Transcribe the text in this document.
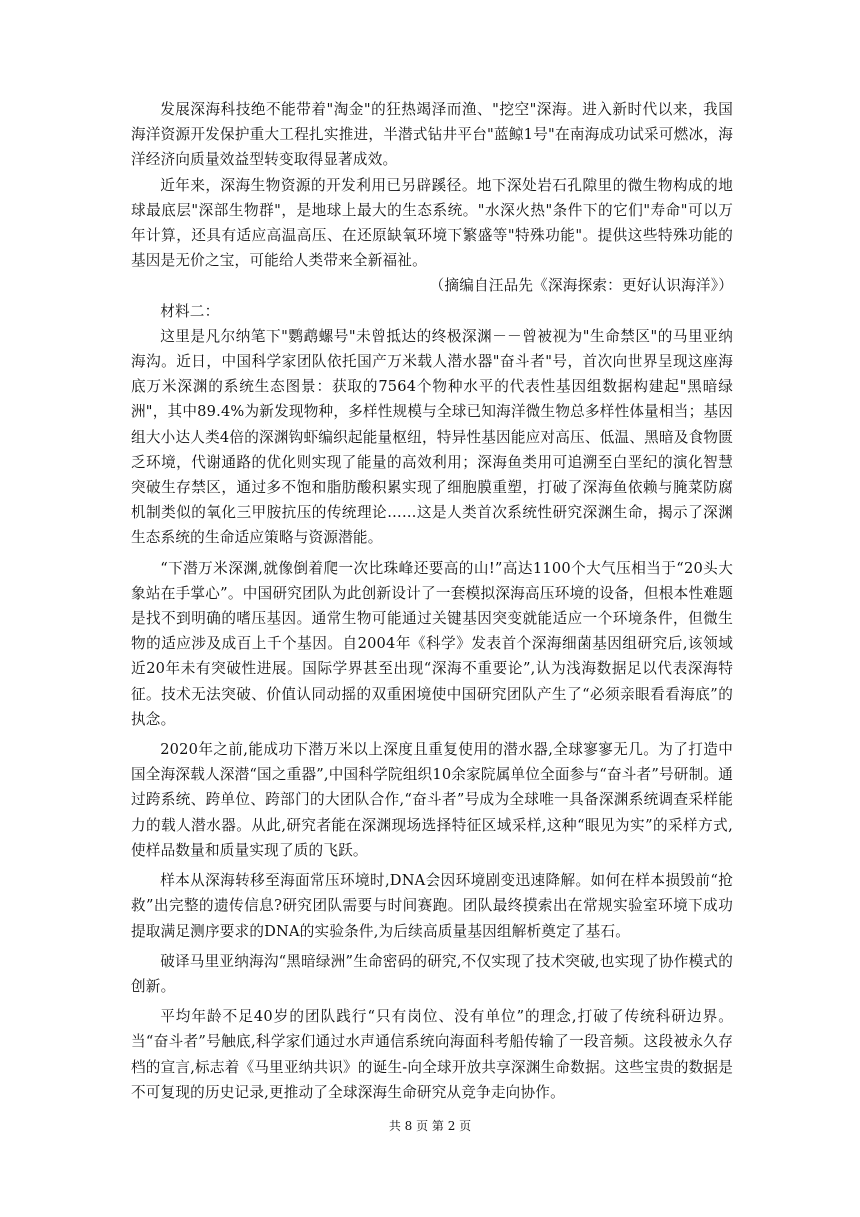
发展深海科技绝不能带着"淘金"的狂热竭泽而渔、"挖空"深海。进入新时代以来，我国海洋资源开发保护重大工程扎实推进，半潜式钻井平台"蓝鲸1号"在南海成功试采可燃冰，海洋经济向质量效益型转变取得显著成效。

近年来，深海生物资源的开发利用已另辟蹊径。地下深处岩石孔隙里的微生物构成的地球最底层"深部生物群"，是地球上最大的生态系统。"水深火热"条件下的它们"寿命"可以万年计算，还具有适应高温高压、在还原缺氧环境下繁盛等"特殊功能"。提供这些特殊功能的基因是无价之宝，可能给人类带来全新福祉。

（摘编自汪品先《深海探索：更好认识海洋》）

材料二：

这里是凡尔纳笔下"鹦鹉螺号"未曾抵达的终极深渊－－曾被视为"生命禁区"的马里亚纳海沟。近日，中国科学家团队依托国产万米载人潜水器"奋斗者"号，首次向世界呈现这座海底万米深渊的系统生态图景：获取的7564个物种水平的代表性基因组数据构建起"黑暗绿洲"，其中89.4%为新发现物种，多样性规模与全球已知海洋微生物总多样性体量相当；基因组大小达人类4倍的深渊钩虾编织起能量枢纽，特异性基因能应对高压、低温、黑暗及食物匮乏环境，代谢通路的优化则实现了能量的高效利用；深海鱼类用可追溯至白垩纪的演化智慧突破生存禁区，通过多不饱和脂肪酸积累实现了细胞膜重塑，打破了深海鱼依赖与腌菜防腐机制类似的氧化三甲胺抗压的传统理论……这是人类首次系统性研究深渊生命，揭示了深渊生态系统的生命适应策略与资源潜能。

“下潜万米深渊,就像倒着爬一次比珠峰还要高的山!”高达1100个大气压相当于“20头大象站在手掌心”。中国研究团队为此创新设计了一套模拟深海高压环境的设备，但根本性难题是找不到明确的嗜压基因。通常生物可能通过关键基因突变就能适应一个环境条件，但微生物的适应涉及成百上千个基因。自2004年《科学》发表首个深海细菌基因组研究后,该领域近20年未有突破性进展。国际学界甚至出现“深海不重要论”,认为浅海数据足以代表深海特征。技术无法突破、价值认同动摇的双重困境使中国研究团队产生了“必须亲眼看看海底”的执念。

2020年之前,能成功下潜万米以上深度且重复使用的潜水器,全球寥寥无几。为了打造中国全海深载人深潜“国之重器”,中国科学院组织10余家院属单位全面参与“奋斗者”号研制。通过跨系统、跨单位、跨部门的大团队合作,“奋斗者”号成为全球唯一具备深渊系统调查采样能力的载人潜水器。从此,研究者能在深渊现场选择特征区域采样,这种“眼见为实”的采样方式,使样品数量和质量实现了质的飞跃。

样本从深海转移至海面常压环境时,DNA会因环境剧变迅速降解。如何在样本损毁前“抢救”出完整的遗传信息?研究团队需要与时间赛跑。团队最终摸索出在常规实验室环境下成功提取满足测序要求的DNA的实验条件,为后续高质量基因组解析奠定了基石。

破译马里亚纳海沟“黑暗绿洲”生命密码的研究,不仅实现了技术突破,也实现了协作模式的创新。

平均年龄不足40岁的团队践行“只有岗位、没有单位”的理念,打破了传统科研边界。当“奋斗者”号触底,科学家们通过水声通信系统向海面科考船传输了一段音频。这段被永久存档的宣言,标志着《马里亚纳共识》的诞生-向全球开放共享深渊生命数据。这些宝贵的数据是不可复现的历史记录,更推动了全球深海生命研究从竞争走向协作。

共 8 页 第 2 页
